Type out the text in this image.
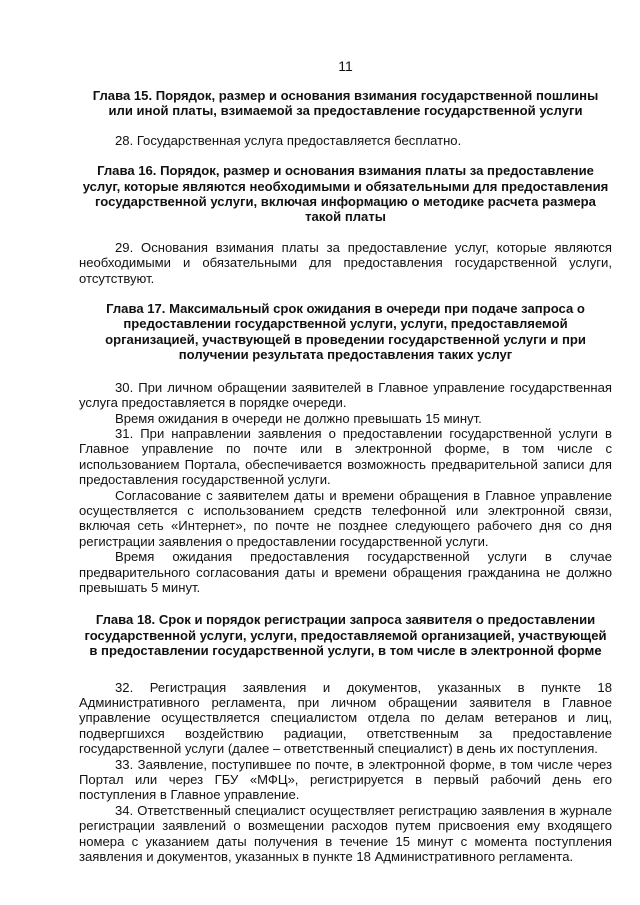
11
Глава 15. Порядок, размер и основания взимания государственной пошлины или иной платы, взимаемой за предоставление государственной услуги

28. Государственная услуга предоставляется бесплатно.

Глава 16. Порядок, размер и основания взимания платы за предоставление услуг, которые являются необходимыми и обязательными для предоставления государственной услуги, включая информацию о методике расчета размера такой платы

29. Основания взимания платы за предоставление услуг, которые являются необходимыми и обязательными для предоставления государственной услуги, отсутствуют.

Глава 17. Максимальный срок ожидания в очереди при подаче запроса о предоставлении государственной услуги, услуги, предоставляемой организацией, участвующей в проведении государственной услуги и при получении результата предоставления таких услуг

30. При личном обращении заявителей в Главное управление государственная услуга предоставляется в порядке очереди.

Время ожидания в очереди не должно превышать 15 минут.

31. При направлении заявления о предоставлении государственной услуги в Главное управление по почте или в электронной форме, в том числе с использованием Портала, обеспечивается возможность предварительной записи для предоставления государственной услуги.

Согласование с заявителем даты и времени обращения в Главное управление осуществляется с использованием средств телефонной или электронной связи, включая сеть «Интернет», по почте не позднее следующего рабочего дня со дня регистрации заявления о предоставлении государственной услуги.

Время ожидания предоставления государственной услуги в случае предварительного согласования даты и времени обращения гражданина не должно превышать 5 минут.

Глава 18. Срок и порядок регистрации запроса заявителя о предоставлении государственной услуги, услуги, предоставляемой организацией, участвующей в предоставлении государственной услуги, в том числе в электронной форме

32. Регистрация заявления и документов, указанных в пункте 18 Административного регламента, при личном обращении заявителя в Главное управление осуществляется специалистом отдела по делам ветеранов и лиц, подвергшихся воздействию радиации, ответственным за предоставление государственной услуги (далее – ответственный специалист) в день их поступления.

33. Заявление, поступившее по почте, в электронной форме, в том числе через Портал или через ГБУ «МФЦ», регистрируется в первый рабочий день его поступления в Главное управление.

34. Ответственный специалист осуществляет регистрацию заявления в журнале регистрации заявлений о возмещении расходов путем присвоения ему входящего номера с указанием даты получения в течение 15 минут с момента поступления заявления и документов, указанных в пункте 18 Административного регламента.
